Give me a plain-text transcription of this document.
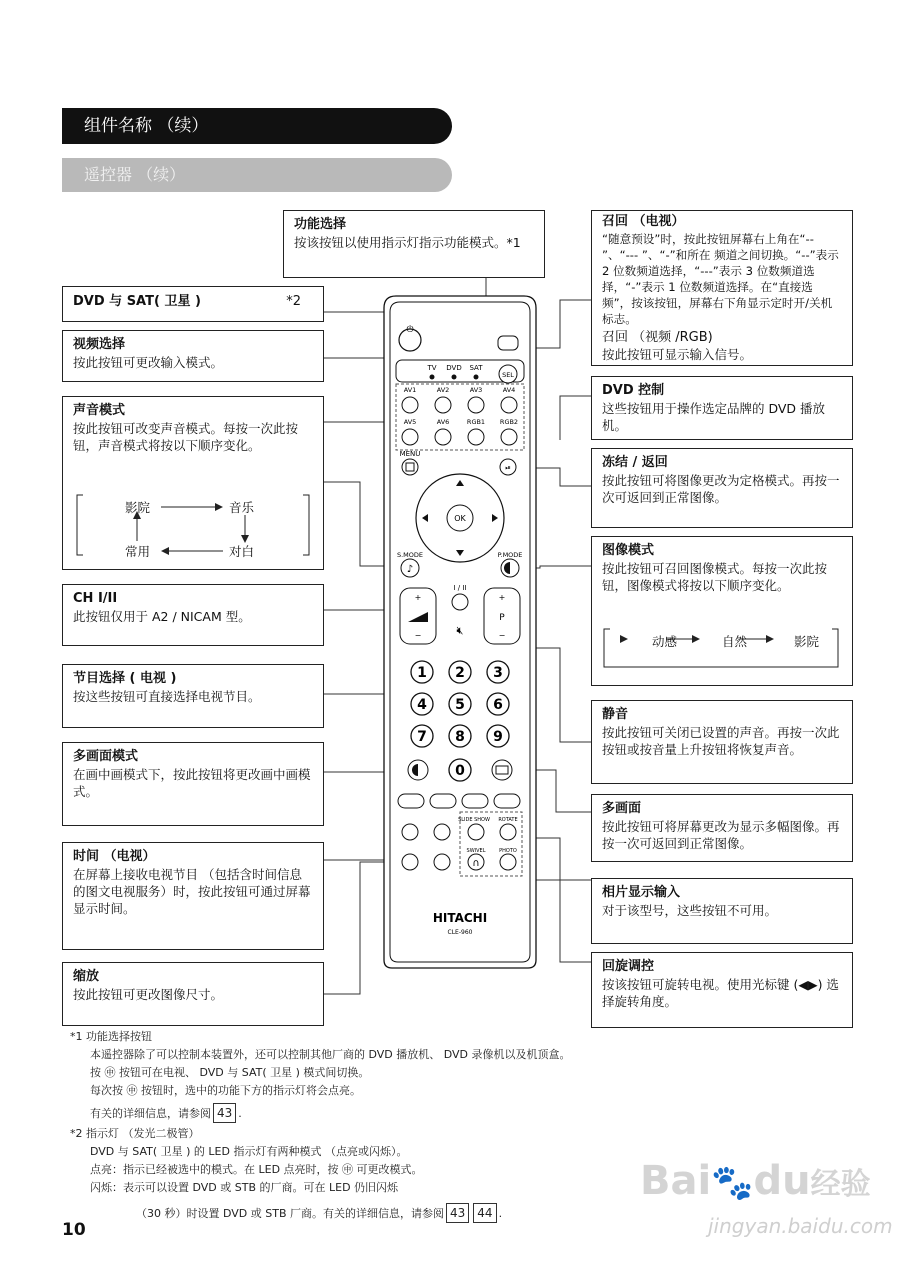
组件名称 （续）
遥控器 （续）
DVD 与 SAT( 卫星 )	*2
视频选择
按此按钮可更改输入模式。
声音模式
按此按钮可改变声音模式。每按一次此按钮，声音模式将按以下顺序变化。
影院	音乐
对白
常用
CH I/II
此按钮仅用于 A2 / NICAM 型。
节目选择 ( 电视 )
按这些按钮可直接选择电视节目。
多画面模式
在画中画模式下，按此按钮将更改画中画模式。
时间 （电视）
在屏幕上接收电视节目 （包括含时间信息的图文电视服务）时，按此按钮可通过屏幕显示时间。
缩放
按此按钮可更改图像尺寸。
功能选择
按该按钮以使用指示灯指示功能模式。*1
召回 （电视）
“随意预设”时，按此按钮屏幕右上角在“-- ”、“--- ”、“-”和所在 频道之间切换。“--”表示 2 位数频道选择，“---”表示 3 位数频道选择，“-”表示 1 位数频道选择。在“直接选频”，按该按钮，屏幕右下角显示定时开/关机标志。
召回 （视频 /RGB)
按此按钮可显示输入信号。
DVD 控制
这些按钮用于操作选定品牌的 DVD 播放机。
冻结 / 返回
按此按钮可将图像更改为定格模式。再按一次可返回到正常图像。
图像模式
按此按钮可召回图像模式。每按一次此按钮，图像模式将按以下顺序变化。
动感	自然	影院
静音
按此按钮可关闭已设置的声音。再按一次此按钮或按音量上升按钮将恢复声音。
多画面
按此按钮可将屏幕更改为显示多幅图像。再按一次可返回到正常图像。
相片显示输入
对于该型号，这些按钮不可用。
回旋调控
按该按钮可旋转电视。使用光标键 (◀▶) 选择旋转角度。
⏻
TV DVD SAT
SEL
AV1	AV2	AV3	AV4
AV5	AV6	RGB1 RGB2
MENU
⏯
OK
S.MODE
♪
P.MODE
+
−
+
P
−
I / II
🔇︎
1 2 3
4 5 6
7 8 9
0
SLIDE SHOW ROTATE
SWIVEL	PHOTO
∩
HITACHI
CLE-960
*1 功能选择按钮
本遥控器除了可以控制本装置外，还可以控制其他厂商的 DVD 播放机、 DVD 录像机以及机顶盒。
按 ㊥ 按钮可在电视、 DVD 与 SAT( 卫星 ) 模式间切换。
每次按 ㊥ 按钮时，选中的功能下方的指示灯将会点亮。
有关的详细信息，请参阅 43 .
*2 指示灯 （发光二极管）
DVD 与 SAT( 卫星 ) 的 LED 指示灯有两种模式 （点亮或闪烁）。
点亮：指示已经被选中的模式。在 LED 点亮时，按 ㊥ 可更改模式。
闪烁：表示可以设置 DVD 或 STB 的厂商。可在 LED 仍旧闪烁
（30 秒）时设置 DVD 或 STB 厂商。有关的详细信息，请参阅 43 44 .
10
Bai🐾du经验
jingyan.baidu.com
